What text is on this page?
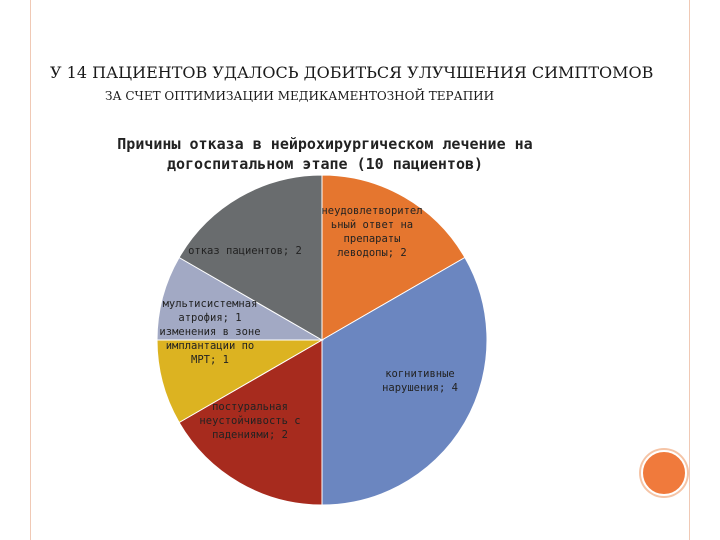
У 14 ПАЦИЕНТОВ УДАЛОСЬ ДОБИТЬСЯ УЛУЧШЕНИЯ СИМПТОМОВ
ЗА СЧЕТ ОПТИМИЗАЦИИ МЕДИКАМЕНТОЗНОЙ ТЕРАПИИ
неудовлетворител ьный ответ на препараты леводопы; 2
когнитивные нарушения; 4
постуральная неустойчивость с падениями; 2
изменения в зоне имплантации по МРТ; 1
мультисистемная атрофия; 1
отказ пациентов; 2
Причины отказа в нейрохирургическом лечение на догоспитальном этапе (10 пациентов)
